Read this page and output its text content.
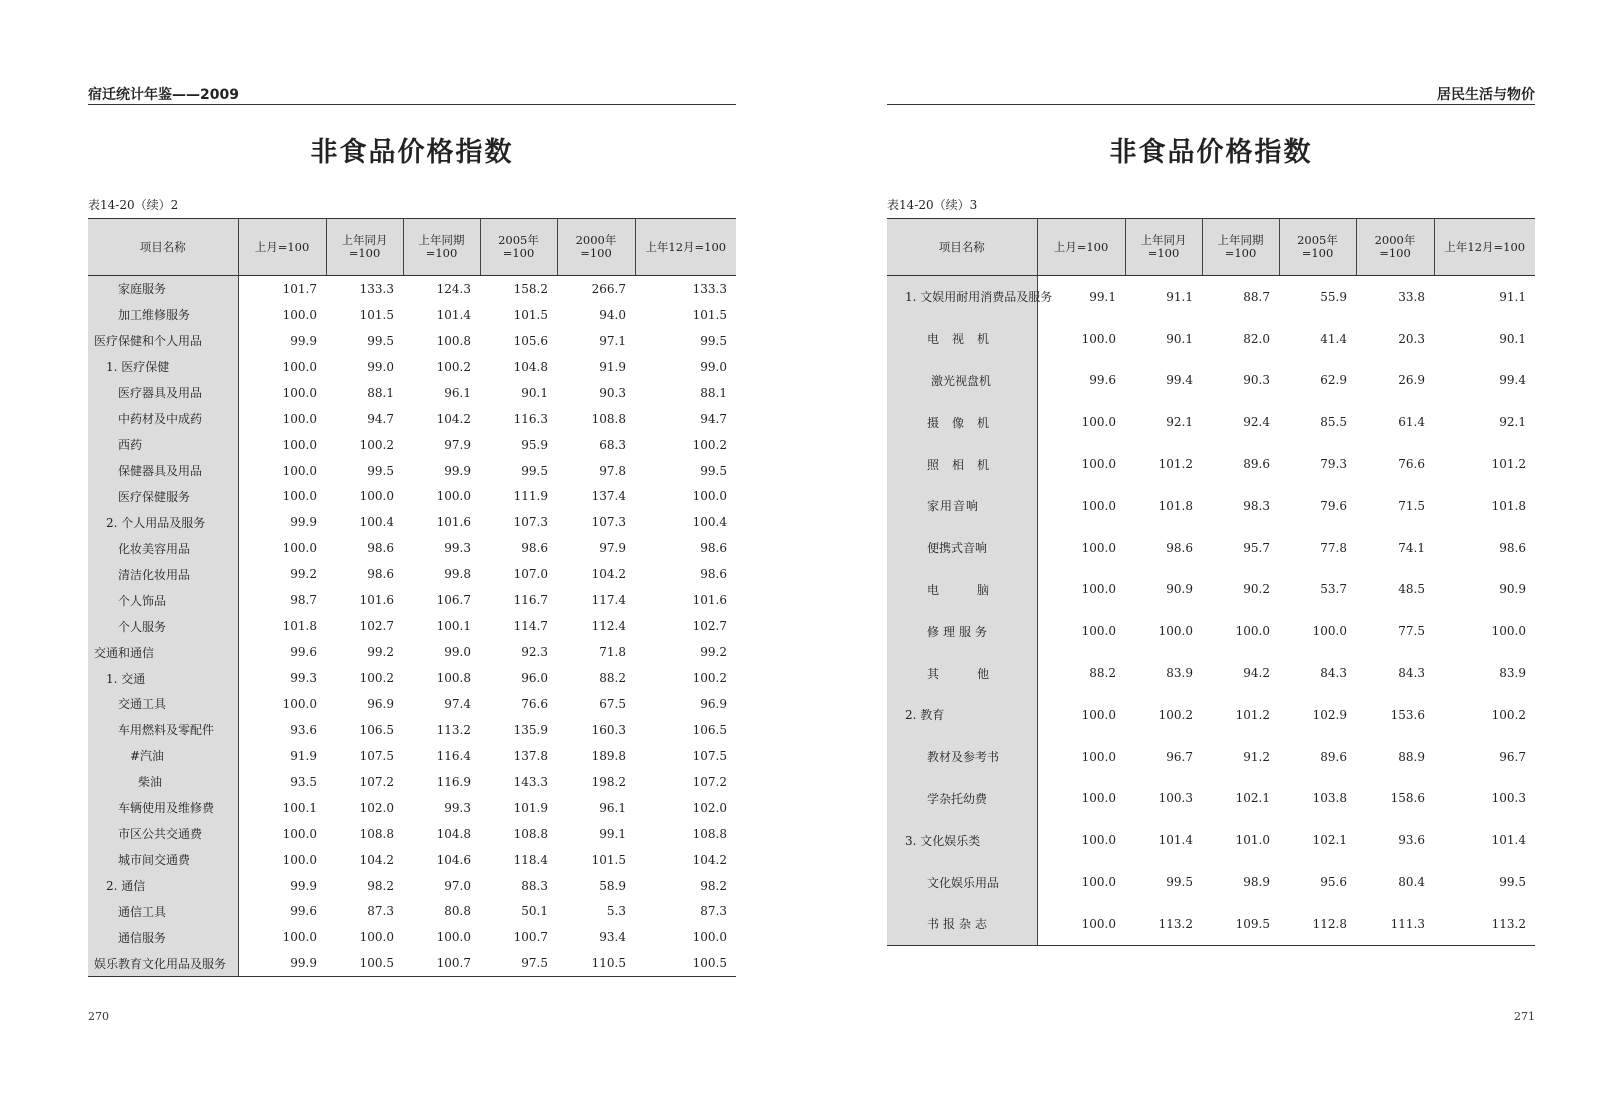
宿迁统计年鉴——2009
非食品价格指数
表14-20（续）2
项目名称	上月=100	上年同月=100	上年同期=100	2005年=100	2000年=100	上年12月=100
家庭服务	101.7	133.3	124.3	158.2	266.7	133.3
加工维修服务	100.0	101.5	101.4	101.5	94.0	101.5
医疗保健和个人用品	99.9	99.5	100.8	105.6	97.1	99.5
1. 医疗保健	100.0	99.0	100.2	104.8	91.9	99.0
医疗器具及用品	100.0	88.1	96.1	90.1	90.3	88.1
中药材及中成药	100.0	94.7	104.2	116.3	108.8	94.7
西药	100.0	100.2	97.9	95.9	68.3	100.2
保健器具及用品	100.0	99.5	99.9	99.5	97.8	99.5
医疗保健服务	100.0	100.0	100.0	111.9	137.4	100.0
2. 个人用品及服务	99.9	100.4	101.6	107.3	107.3	100.4
化妆美容用品	100.0	98.6	99.3	98.6	97.9	98.6
清洁化妆用品	99.2	98.6	99.8	107.0	104.2	98.6
个人饰品	98.7	101.6	106.7	116.7	117.4	101.6
个人服务	101.8	102.7	100.1	114.7	112.4	102.7
交通和通信	99.6	99.2	99.0	92.3	71.8	99.2
1. 交通	99.3	100.2	100.8	96.0	88.2	100.2
交通工具	100.0	96.9	97.4	76.6	67.5	96.9
车用燃料及零配件	93.6	106.5	113.2	135.9	160.3	106.5
#汽油	91.9	107.5	116.4	137.8	189.8	107.5
柴油	93.5	107.2	116.9	143.3	198.2	107.2
车辆使用及维修费	100.1	102.0	99.3	101.9	96.1	102.0
市区公共交通费	100.0	108.8	104.8	108.8	99.1	108.8
城市间交通费	100.0	104.2	104.6	118.4	101.5	104.2
2. 通信	99.9	98.2	97.0	88.3	58.9	98.2
通信工具	99.6	87.3	80.8	50.1	5.3	87.3
通信服务	100.0	100.0	100.0	100.7	93.4	100.0
娱乐教育文化用品及服务	99.9	100.5	100.7	97.5	110.5	100.5
270
居民生活与物价
非食品价格指数
表14-20（续）3
项目名称	上月=100	上年同月=100	上年同期=100	2005年=100	2000年=100	上年12月=100
1. 文娱用耐用消费品及服务	99.1	91.1	88.7	55.9	33.8	91.1
电视机	100.0	90.1	82.0	41.4	20.3	90.1
激光视盘机	99.6	99.4	90.3	62.9	26.9	99.4
摄像机	100.0	92.1	92.4	85.5	61.4	92.1
照相机	100.0	101.2	89.6	79.3	76.6	101.2
家用音响	100.0	101.8	98.3	79.6	71.5	101.8
便携式音响	100.0	98.6	95.7	77.8	74.1	98.6
电　脑	100.0	90.9	90.2	53.7	48.5	90.9
修理服务	100.0	100.0	100.0	100.0	77.5	100.0
其　他	88.2	83.9	94.2	84.3	84.3	83.9
2. 教育	100.0	100.2	101.2	102.9	153.6	100.2
教材及参考书	100.0	96.7	91.2	89.6	88.9	96.7
学杂托幼费	100.0	100.3	102.1	103.8	158.6	100.3
3. 文化娱乐类	100.0	101.4	101.0	102.1	93.6	101.4
文化娱乐用品	100.0	99.5	98.9	95.6	80.4	99.5
书报杂志	100.0	113.2	109.5	112.8	111.3	113.2
271
